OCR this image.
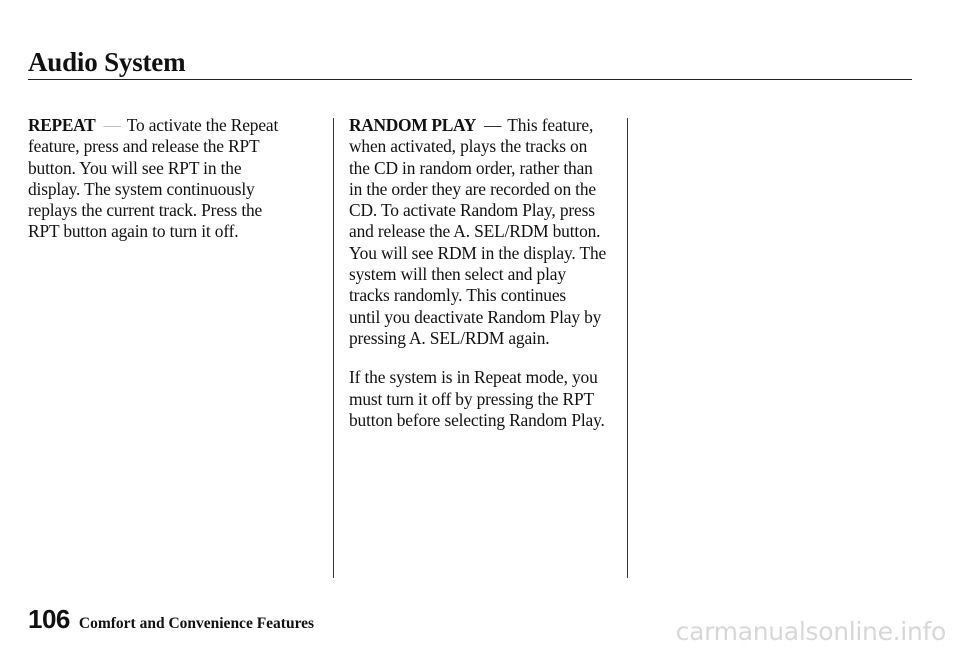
Audio System
REPEAT — To activate the Repeat
feature, press and release the RPT
button. You will see RPT in the
display. The system continuously
replays the current track. Press the
RPT button again to turn it off.
RANDOM PLAY — This feature,
when activated, plays the tracks on
the CD in random order, rather than
in the order they are recorded on the
CD. To activate Random Play, press
and release the A. SEL/RDM button.
You will see RDM in the display. The
system will then select and play
tracks randomly. This continues
until you deactivate Random Play by
pressing A. SEL/RDM again.
If the system is in Repeat mode, you
must turn it off by pressing the RPT
button before selecting Random Play.
106 Comfort and Convenience Features	carmanualsonline.info
